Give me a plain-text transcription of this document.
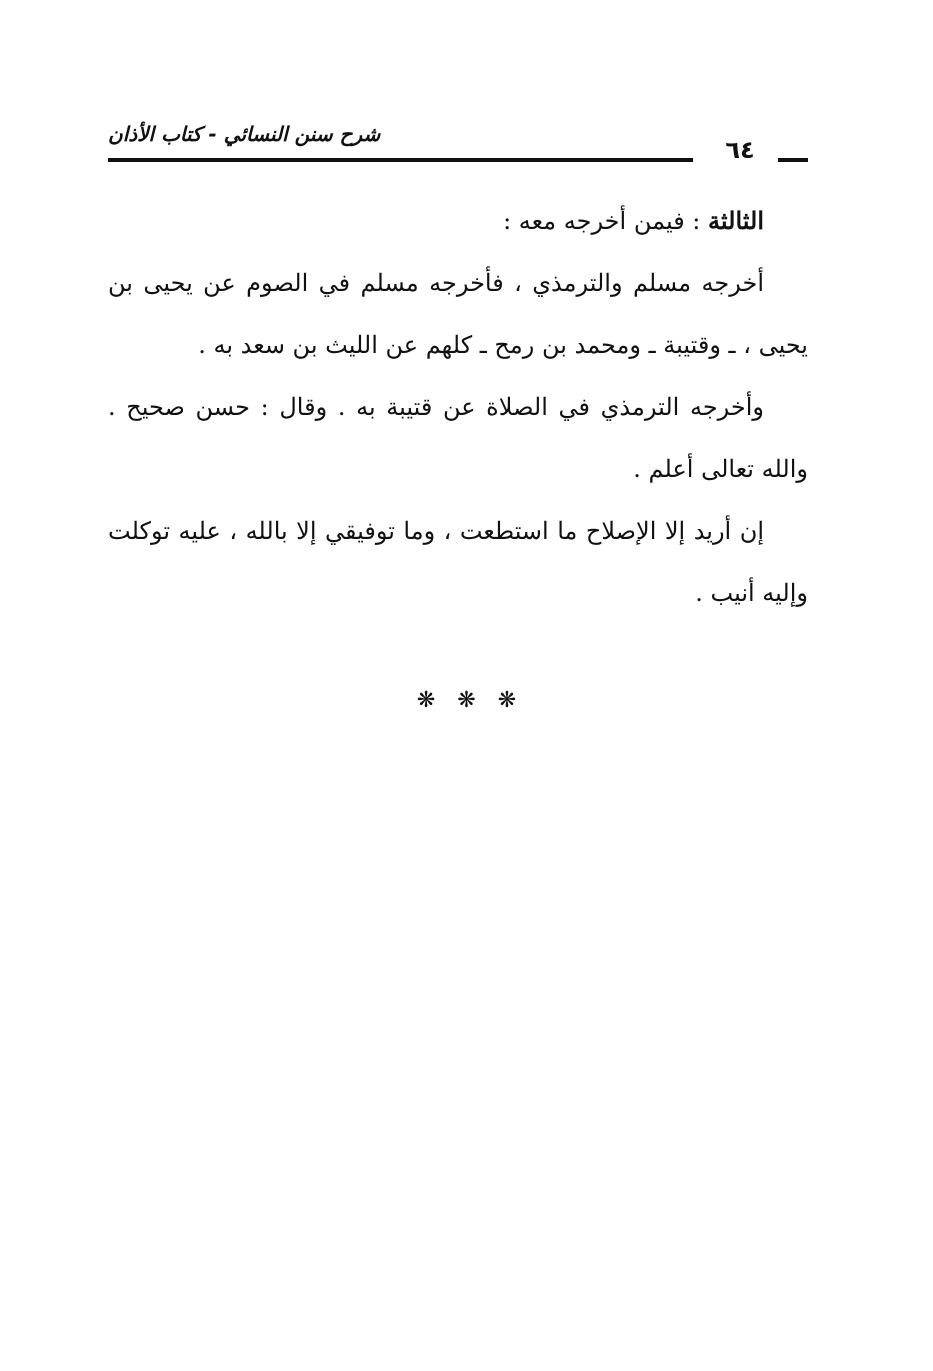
شرح سنن النسائي - كتاب الأذان
٦٤

الثالثة : فيمن أخرجه معه :

أخرجه مسلم والترمذي ، فأخرجه مسلم في الصوم عن يحيى بن يحيى ، ـ وقتيبة ـ ومحمد بن رمح ـ كلهم عن الليث بن سعد به .

وأخرجه الترمذي في الصلاة عن قتيبة به . وقال : حسن صحيح . والله تعالى أعلم .

إن أريد إلا الإصلاح ما استطعت ، وما توفيقي إلا بالله ، عليه توكلت وإليه أنيب .

❋❋❋
